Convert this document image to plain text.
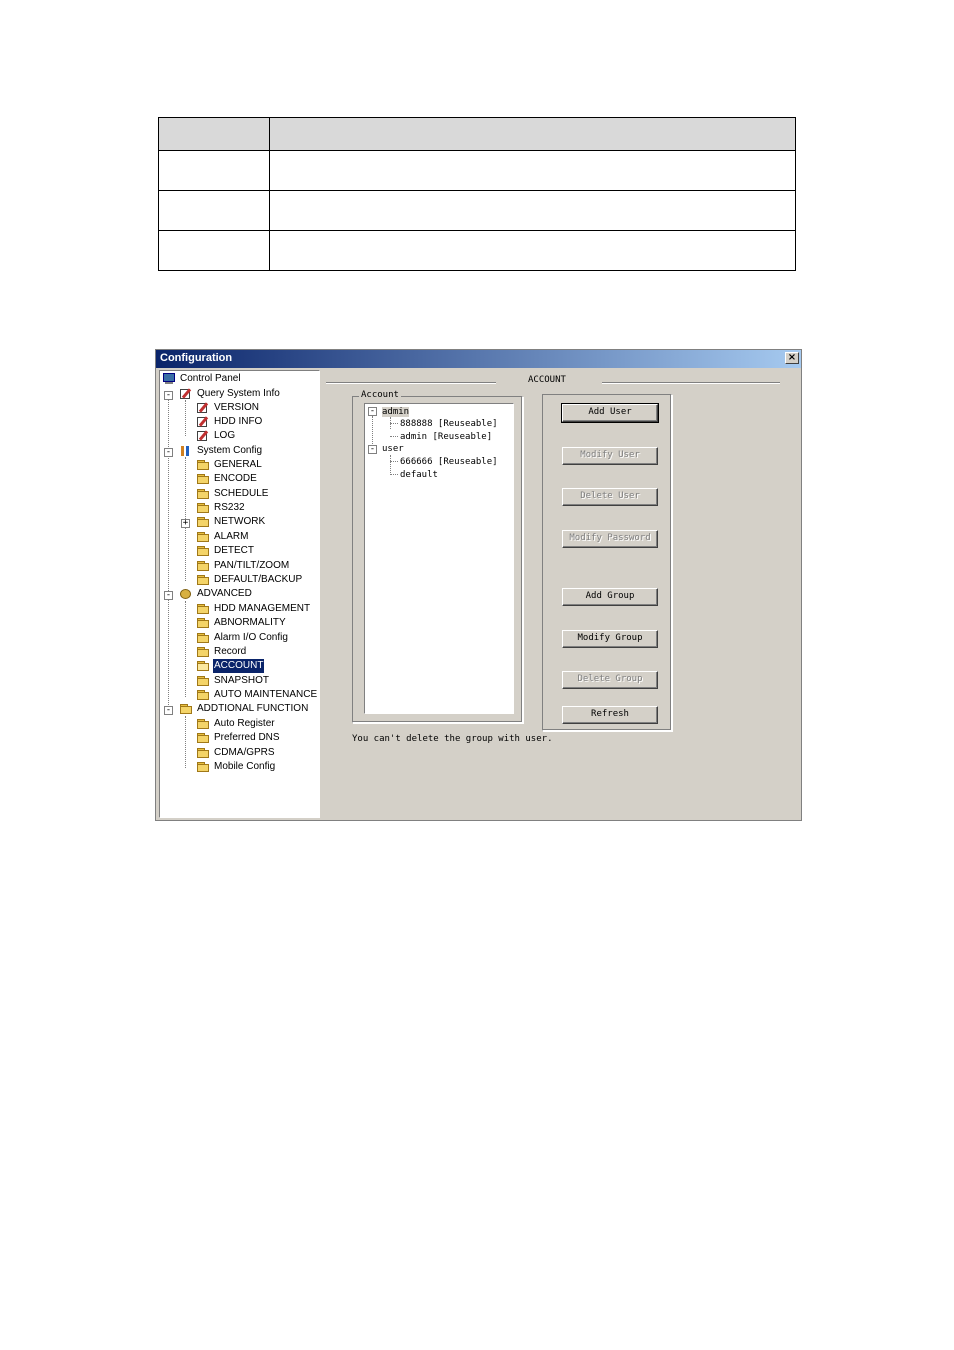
Configuration	×
Control Panel
-	Query System Info
VERSION
HDD INFO
LOG
-	System Config
GENERAL
ENCODE
SCHEDULE
RS232
+	NETWORK
ALARM
DETECT
PAN/TILT/ZOOM
DEFAULT/BACKUP
-	ADVANCED
HDD MANAGEMENT
ABNORMALITY
Alarm I/O Config
Record
ACCOUNT
SNAPSHOT
AUTO MAINTENANCE
-	ADDTIONAL FUNCTION
Auto Register
Preferred DNS
CDMA/GPRS
Mobile Config
ACCOUNT
Account
- admin
888888 [Reuseable]
admin [Reuseable]
- user
666666 [Reuseable]
default
Add User
Modify User
Delete User
Modify Password
Add Group
Modify Group
Delete Group
Refresh
You can't delete the group with user.
